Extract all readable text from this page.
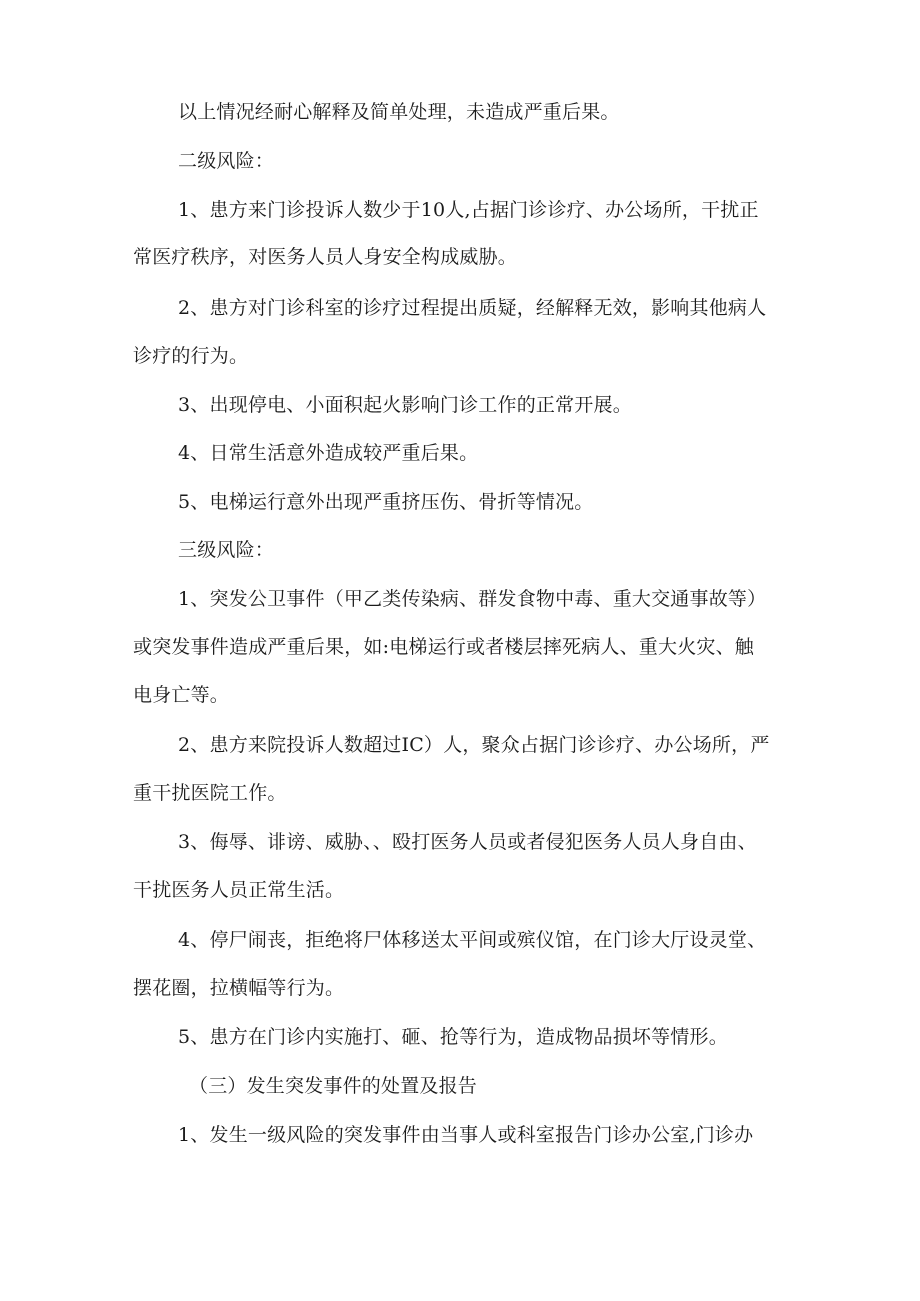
以上情况经耐心解释及简单处理，未造成严重后果。
二级风险：
1、患方来门诊投诉人数少于10人,占据门诊诊疗、办公场所，干扰正
常医疗秩序，对医务人员人身安全构成威胁。
2、患方对门诊科室的诊疗过程提出质疑，经解释无效，影响其他病人
诊疗的行为。
3、出现停电、小面积起火影响门诊工作的正常开展。
4、日常生活意外造成较严重后果。
5、电梯运行意外出现严重挤压伤、骨折等情况。
三级风险：
1、突发公卫事件（甲乙类传染病、群发食物中毒、重大交通事故等）
或突发事件造成严重后果，如:电梯运行或者楼层摔死病人、重大火灾、触
电身亡等。
2、患方来院投诉人数超过IC）人，聚众占据门诊诊疗、办公场所，严
重干扰医院工作。
3、侮辱、诽谤、威胁、、殴打医务人员或者侵犯医务人员人身自由、
干扰医务人员正常生活。
4、停尸闹丧，拒绝将尸体移送太平间或殡仪馆，在门诊大厅设灵堂、
摆花圈，拉横幅等行为。
5、患方在门诊内实施打、砸、抢等行为，造成物品损坏等情形。
（三）发生突发事件的处置及报告
1、发生一级风险的突发事件由当事人或科室报告门诊办公室,门诊办
